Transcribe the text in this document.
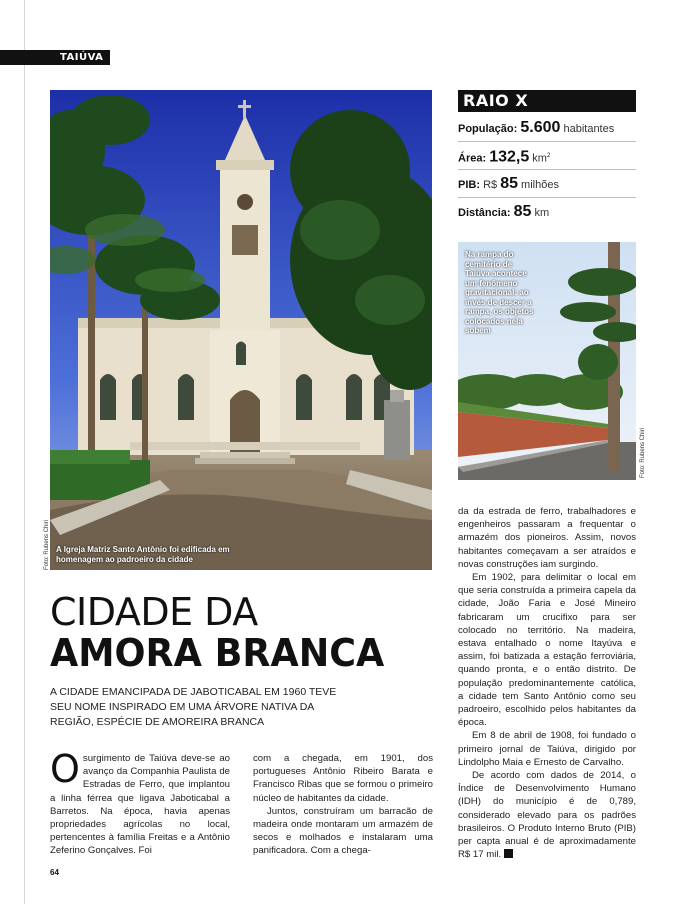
TAIÚVA
Foto: Rubens Chiri A Igreja Matriz Santo Antônio foi edificada em homenagem ao padroeiro da cidade
RAIO X
População: 5.600 habitantes
Área: 132,5 $km^2$
PIB: R$ 85 milhões
Distância: 85 km
Na rampa do cemitério de Taiúva acontece um fenômeno gravitacional: ao invés de descer a rampa, os objetos colocados nela sobem
Foto: Rubens Chiri
CIDADE DA
AMORA BRANCA
A CIDADE EMANCIPADA DE JABOTICABAL EM 1960 TEVE SEU NOME INSPIRADO EM UMA ÁRVORE NATIVA DA REGIÃO, ESPÉCIE DE AMOREIRA BRANCA

Osurgimento de Taiúva deve-se ao avanço da Companhia Paulista de Estradas de Ferro, que implantou a linha férrea que ligava Jaboticabal a Barretos. Na época, havia apenas propriedades agrícolas no local, pertencentes à família Freitas e a Antônio Zeferino Gonçalves. Foi

com a chegada, em 1901, dos portugueses Antônio Ribeiro Barata e Francisco Ribas que se formou o primeiro núcleo de habitantes da cidade.

Juntos, construíram um barracão de madeira onde montaram um armazém de secos e molhados e instalaram uma panificadora. Com a chega-

da da estrada de ferro, trabalhadores e engenheiros passaram a frequentar o armazém dos pioneiros. Assim, novos habitantes começavam a ser atraídos e novas construções iam surgindo.

Em 1902, para delimitar o local em que seria construída a primeira capela da cidade, João Faria e José Mineiro fabricaram um crucifixo para ser colocado no território. Na madeira, estava entalhado o nome Itayúva e assim, foi batizada a estação ferroviária, quando pronta, e o então distrito. De população predominantemente católica, a cidade tem Santo Antônio como seu padroeiro, escolhido pelos habitantes da época.

Em 8 de abril de 1908, foi fundado o primeiro jornal de Taiúva, dirigido por Lindolpho Maia e Ernesto de Carvalho.

De acordo com dados de 2014, o Índice de Desenvolvimento Humano (IDH) do município é de 0,789, considerado elevado para os padrões brasileiros. O Produto Interno Bruto (PIB) per capta anual é de aproximadamente R$ 17 mil.

64
